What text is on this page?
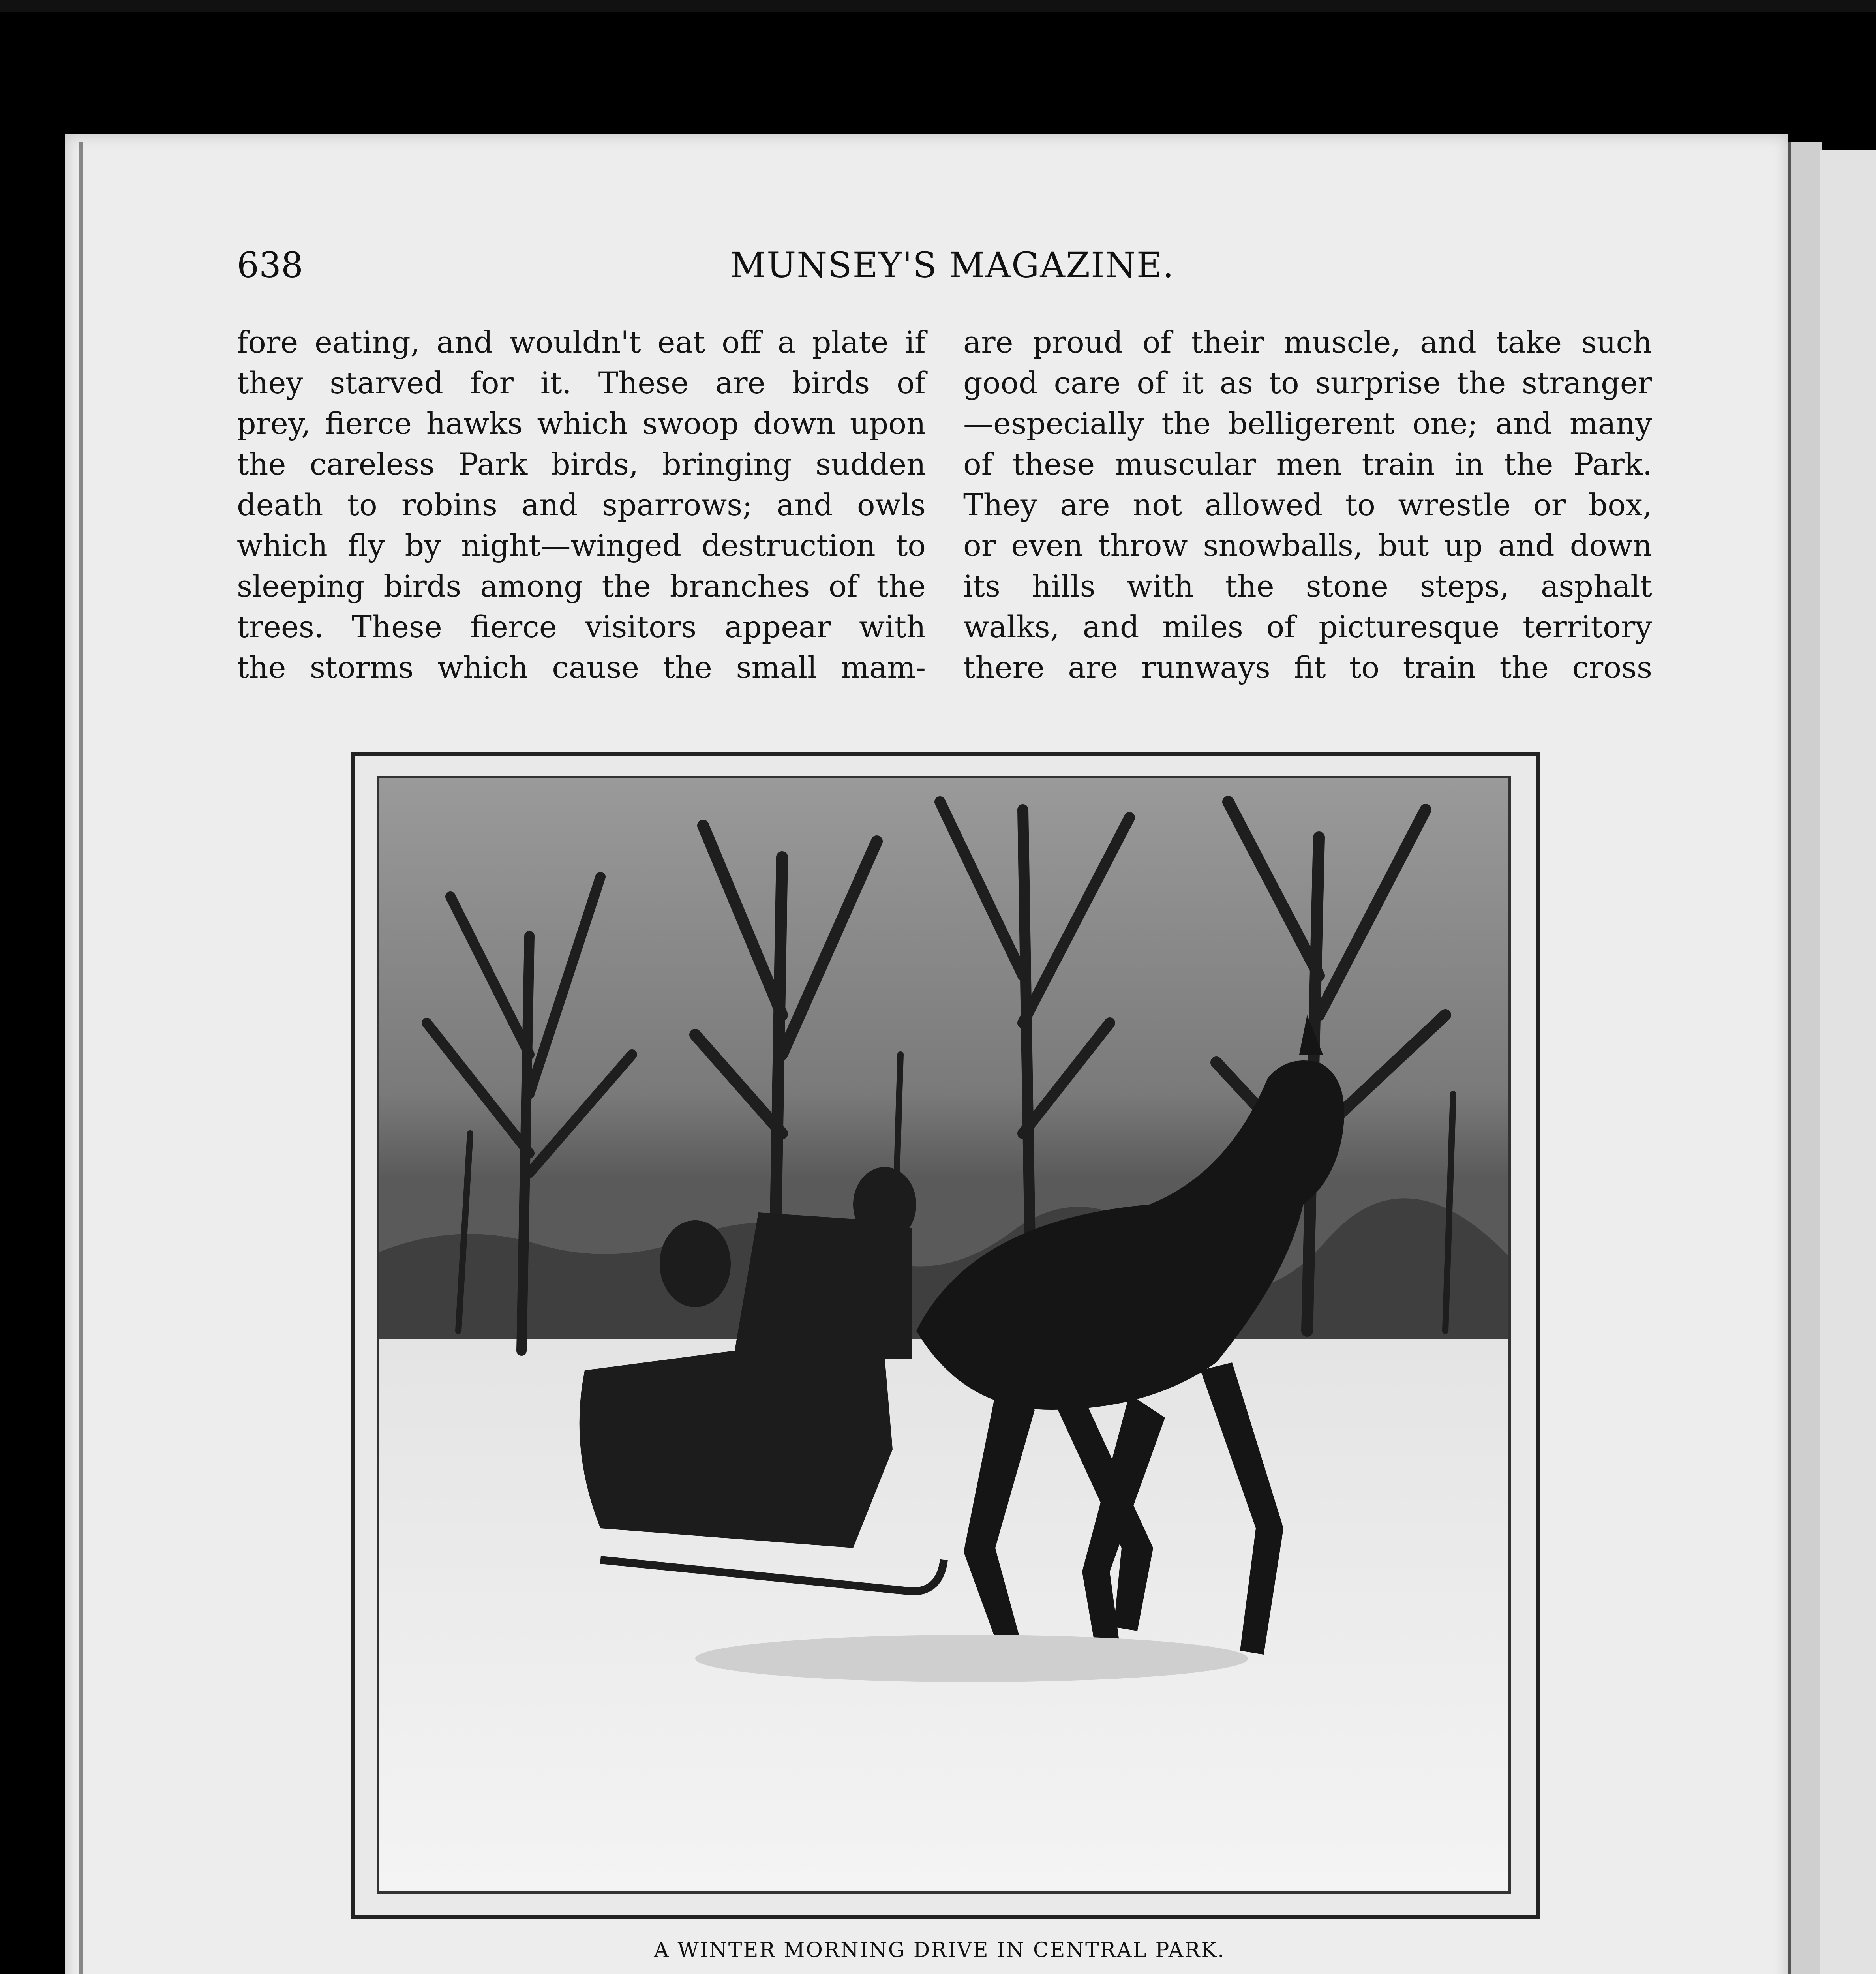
638	MUNSEY'S MAGAZINE.
fore eating, and wouldn't eat off a plate if
they starved for it. These are birds of
prey, fierce hawks which swoop down upon
the careless Park birds, bringing sudden
death to robins and sparrows; and owls
which fly by night—winged destruction to
sleeping birds among the branches of the
trees. These fierce visitors appear with
the storms which cause the small mam-
are proud of their muscle, and take such
good care of it as to surprise the stranger
—especially the belligerent one; and many
of these muscular men train in the Park.
They are not allowed to wrestle or box,
or even throw snowballs, but up and down
its hills with the stone steps, asphalt
walks, and miles of picturesque territory
there are runways fit to train the cross
A WINTER MORNING DRIVE IN CENTRAL PARK.
